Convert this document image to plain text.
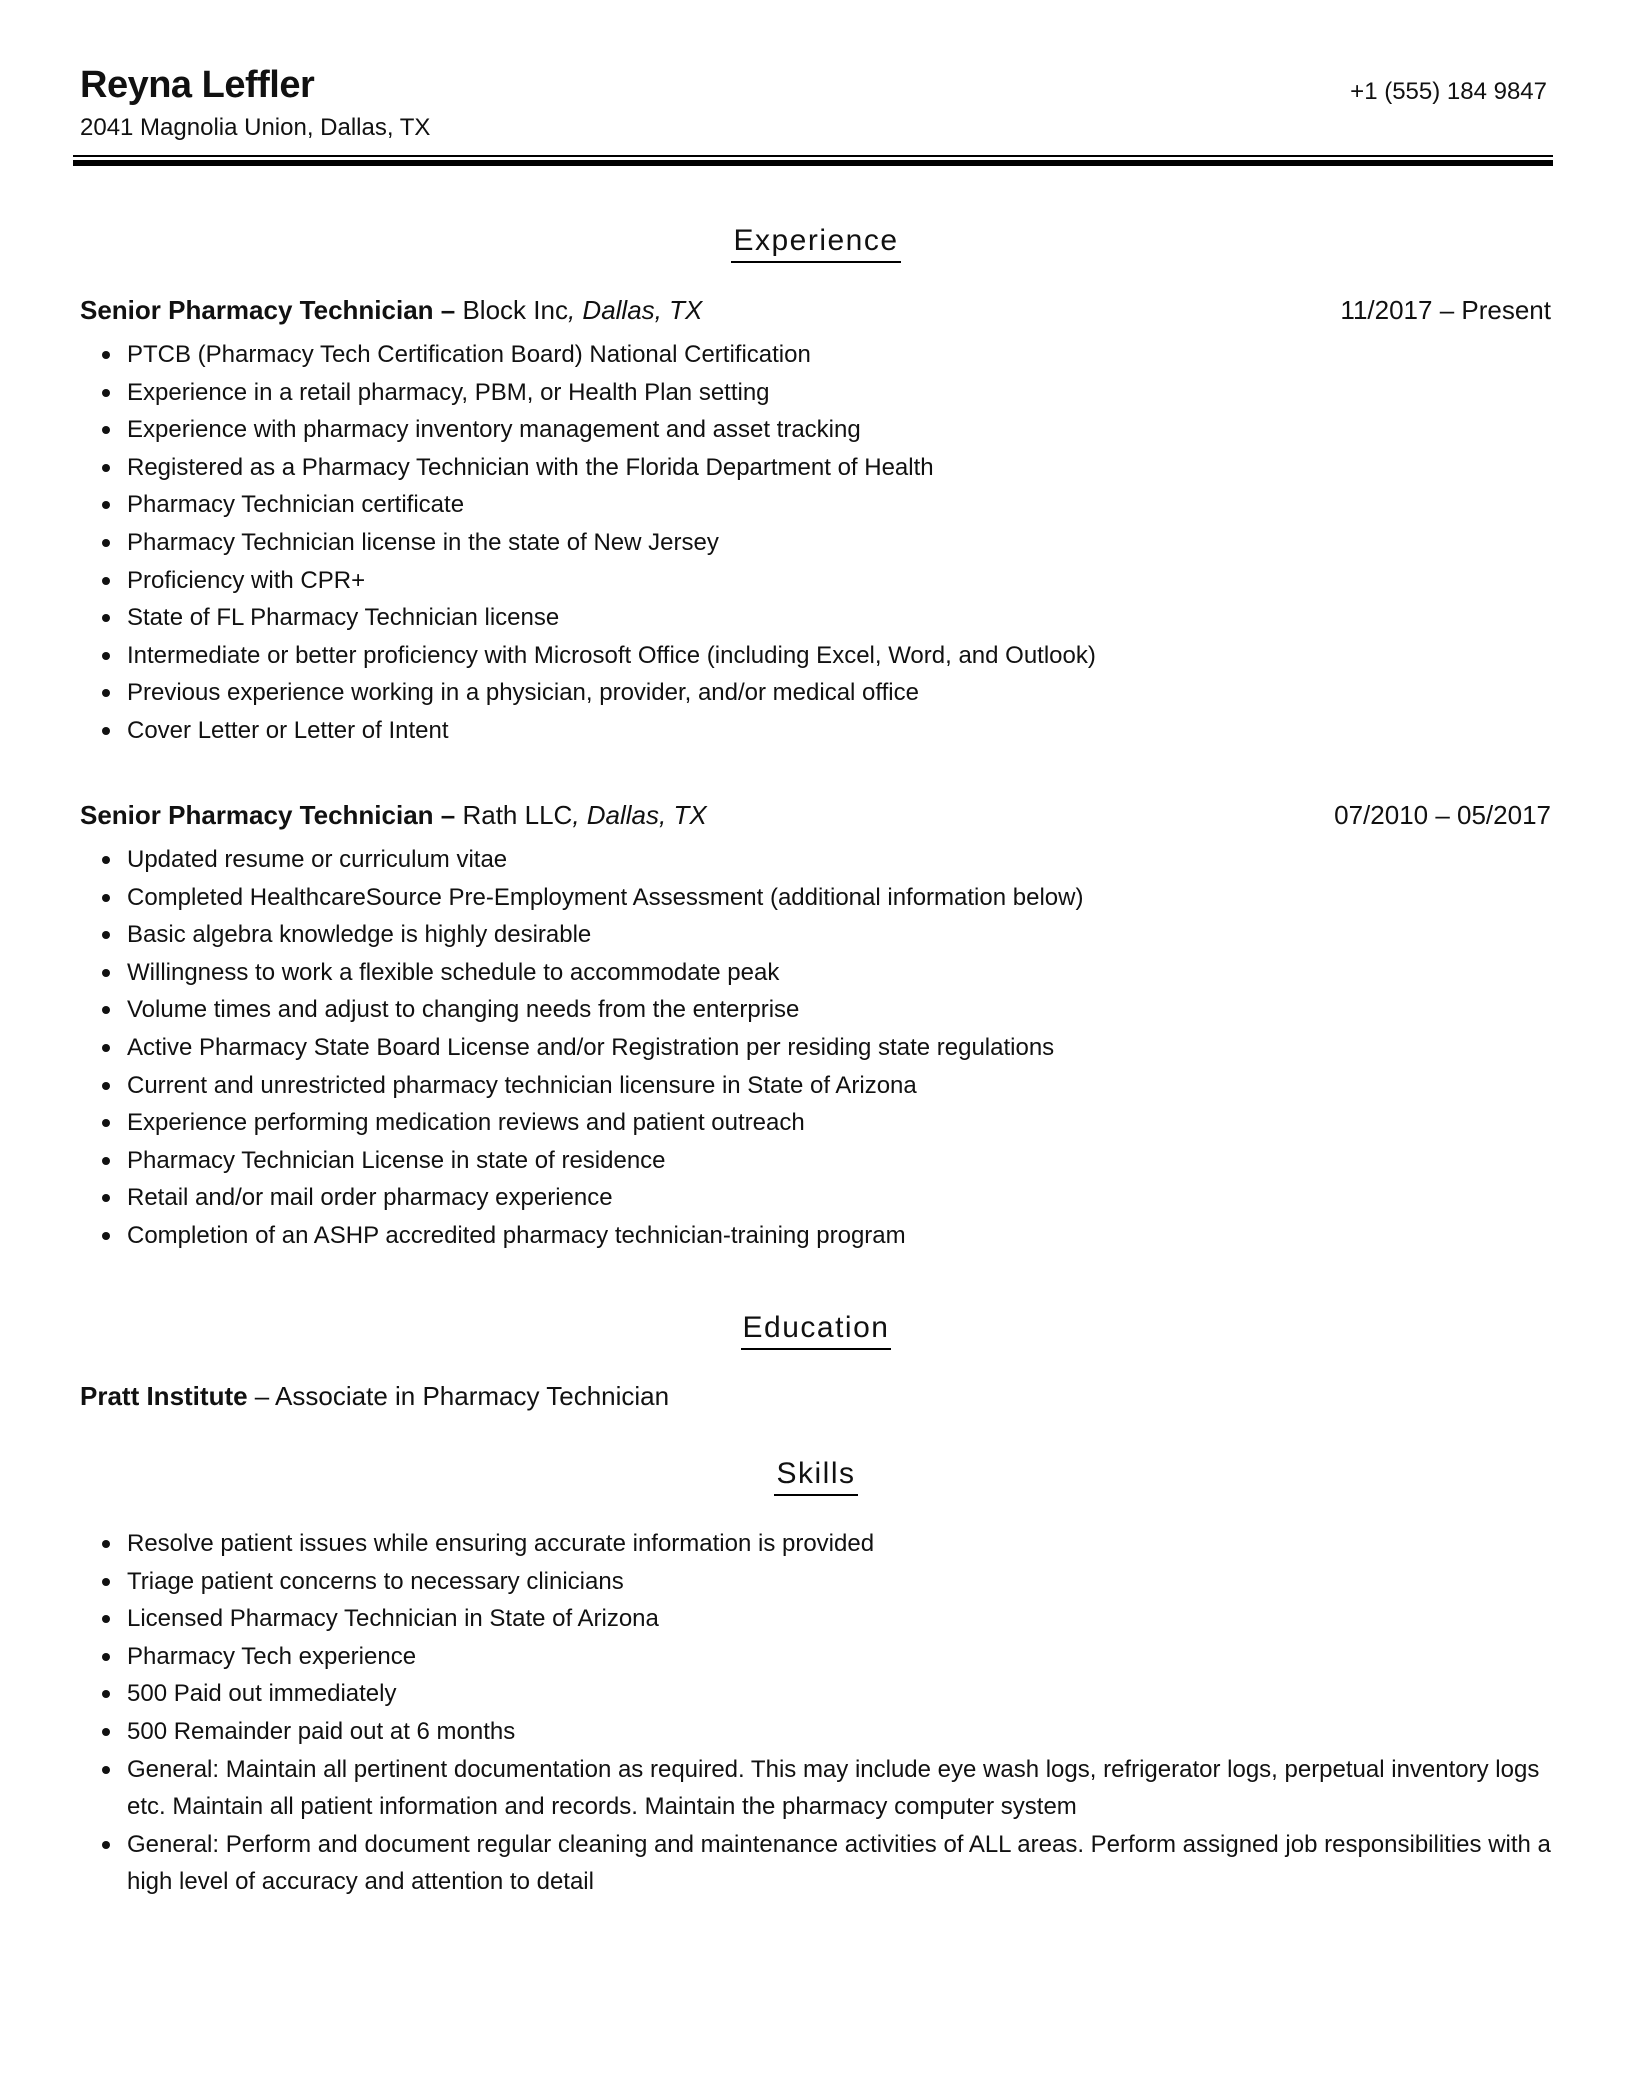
Reyna Leffler
2041 Magnolia Union, Dallas, TX
+1 (555) 184 9847
Experience
Senior Pharmacy Technician – Block Inc, Dallas, TX	11/2017 – Present
PTCB (Pharmacy Tech Certification Board) National Certification
Experience in a retail pharmacy, PBM, or Health Plan setting
Experience with pharmacy inventory management and asset tracking
Registered as a Pharmacy Technician with the Florida Department of Health
Pharmacy Technician certificate
Pharmacy Technician license in the state of New Jersey
Proficiency with CPR+
State of FL Pharmacy Technician license
Intermediate or better proficiency with Microsoft Office (including Excel, Word, and Outlook)
Previous experience working in a physician, provider, and/or medical office
Cover Letter or Letter of Intent
Senior Pharmacy Technician – Rath LLC, Dallas, TX	07/2010 – 05/2017
Updated resume or curriculum vitae
Completed HealthcareSource Pre-Employment Assessment (additional information below)
Basic algebra knowledge is highly desirable
Willingness to work a flexible schedule to accommodate peak
Volume times and adjust to changing needs from the enterprise
Active Pharmacy State Board License and/or Registration per residing state regulations
Current and unrestricted pharmacy technician licensure in State of Arizona
Experience performing medication reviews and patient outreach
Pharmacy Technician License in state of residence
Retail and/or mail order pharmacy experience
Completion of an ASHP accredited pharmacy technician-training program
Education
Pratt Institute – Associate in Pharmacy Technician
Skills
Resolve patient issues while ensuring accurate information is provided
Triage patient concerns to necessary clinicians
Licensed Pharmacy Technician in State of Arizona
Pharmacy Tech experience
500 Paid out immediately
500 Remainder paid out at 6 months
General: Maintain all pertinent documentation as required. This may include eye wash logs, refrigerator logs, perpetual inventory logs etc. Maintain all patient information and records. Maintain the pharmacy computer system
General: Perform and document regular cleaning and maintenance activities of ALL areas. Perform assigned job responsibilities with a high level of accuracy and attention to detail
